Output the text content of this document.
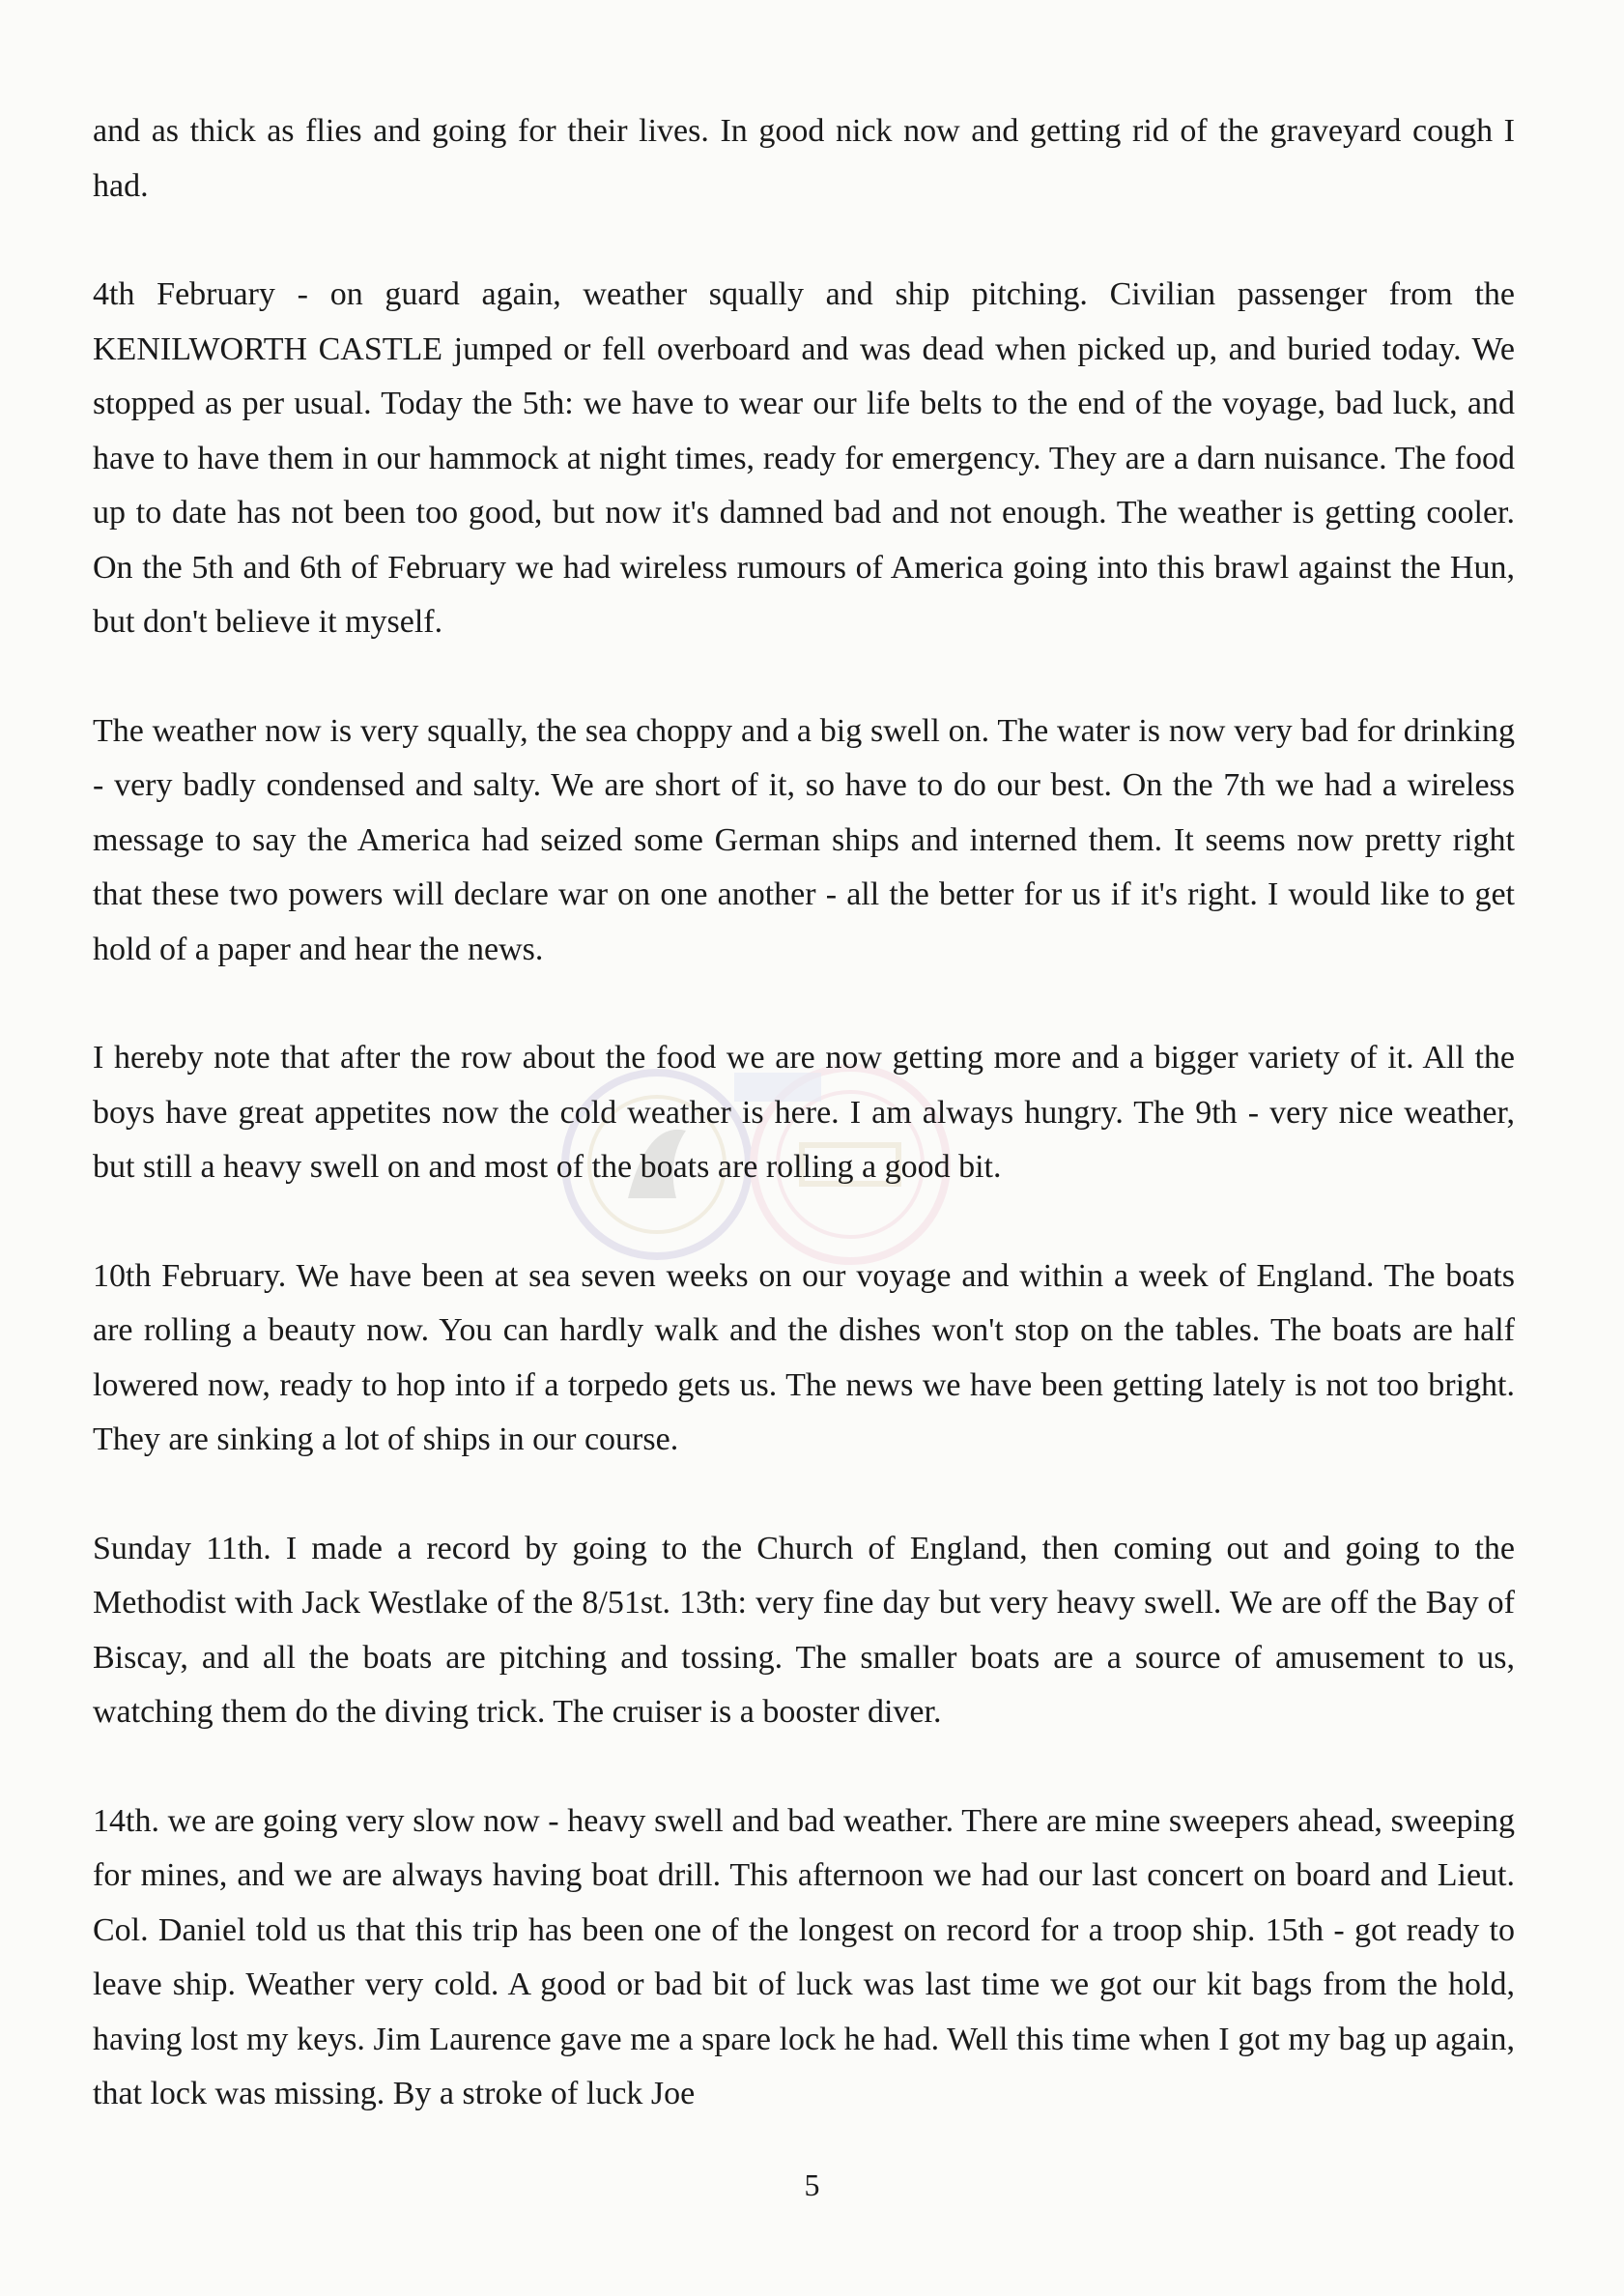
and as thick as flies and going for their lives. In good nick now and getting rid of the graveyard cough I had.

4th February - on guard again, weather squally and ship pitching. Civilian passenger from the KENILWORTH CASTLE jumped or fell overboard and was dead when picked up, and buried today. We stopped as per usual. Today the 5th: we have to wear our life belts to the end of the voyage, bad luck, and have to have them in our hammock at night times, ready for emergency. They are a darn nuisance. The food up to date has not been too good, but now it's damned bad and not enough. The weather is getting cooler. On the 5th and 6th of February we had wireless rumours of America going into this brawl against the Hun, but don't believe it myself.

The weather now is very squally, the sea choppy and a big swell on. The water is now very bad for drinking - very badly condensed and salty. We are short of it, so have to do our best. On the 7th we had a wireless message to say the America had seized some German ships and interned them. It seems now pretty right that these two powers will declare war on one another - all the better for us if it's right. I would like to get hold of a paper and hear the news.

I hereby note that after the row about the food we are now getting more and a bigger variety of it. All the boys have great appetites now the cold weather is here. I am always hungry. The 9th - very nice weather, but still a heavy swell on and most of the boats are rolling a good bit.

10th February. We have been at sea seven weeks on our voyage and within a week of England. The boats are rolling a beauty now. You can hardly walk and the dishes won't stop on the tables. The boats are half lowered now, ready to hop into if a torpedo gets us. The news we have been getting lately is not too bright. They are sinking a lot of ships in our course.

Sunday 11th. I made a record by going to the Church of England, then coming out and going to the Methodist with Jack Westlake of the 8/51st. 13th: very fine day but very heavy swell. We are off the Bay of Biscay, and all the boats are pitching and tossing. The smaller boats are a source of amusement to us, watching them do the diving trick. The cruiser is a booster diver.

14th. we are going very slow now - heavy swell and bad weather. There are mine sweepers ahead, sweeping for mines, and we are always having boat drill. This afternoon we had our last concert on board and Lieut. Col. Daniel told us that this trip has been one of the longest on record for a troop ship. 15th - got ready to leave ship. Weather very cold. A good or bad bit of luck was last time we got our kit bags from the hold, having lost my keys. Jim Laurence gave me a spare lock he had. Well this time when I got my bag up again, that lock was missing. By a stroke of luck Joe

5
